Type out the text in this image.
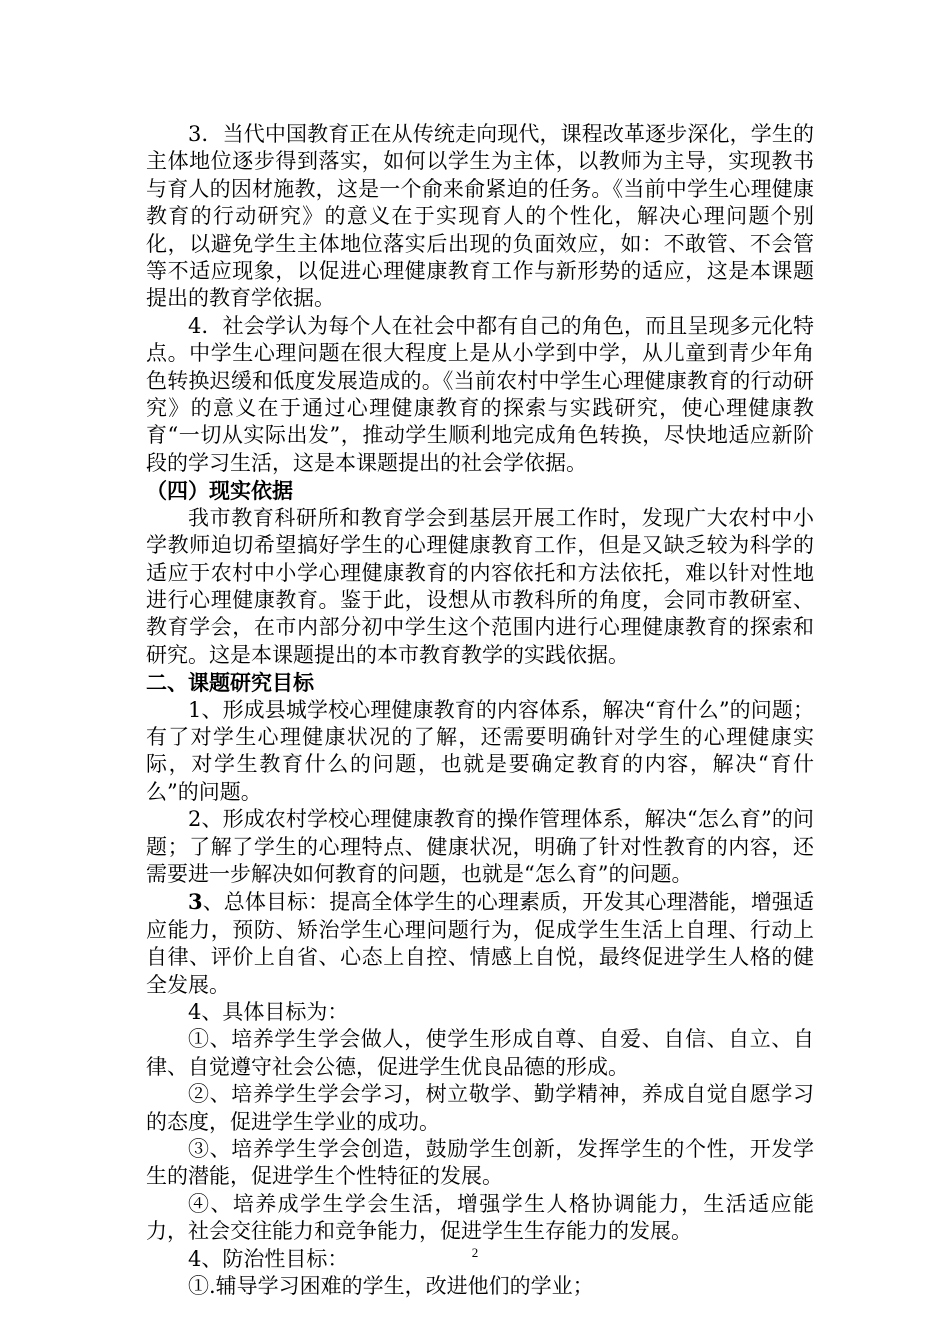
3．当代中国教育正在从传统走向现代，课程改革逐步深化，学生的主体地位逐步得到落实，如何以学生为主体，以教师为主导，实现教书与育人的因材施教，这是一个俞来俞紧迫的任务。《当前中学生心理健康教育的行动研究》的意义在于实现育人的个性化，解决心理问题个别化，以避免学生主体地位落实后出现的负面效应，如：不敢管、不会管等不适应现象，以促进心理健康教育工作与新形势的适应，这是本课题提出的教育学依据。

4．社会学认为每个人在社会中都有自己的角色，而且呈现多元化特点。中学生心理问题在很大程度上是从小学到中学，从儿童到青少年角色转换迟缓和低度发展造成的。《当前农村中学生心理健康教育的行动研究》的意义在于通过心理健康教育的探索与实践研究，使心理健康教育“一切从实际出发”，推动学生顺利地完成角色转换，尽快地适应新阶段的学习生活，这是本课题提出的社会学依据。

（四）现实依据

我市教育科研所和教育学会到基层开展工作时，发现广大农村中小学教师迫切希望搞好学生的心理健康教育工作，但是又缺乏较为科学的适应于农村中小学心理健康教育的内容依托和方法依托，难以针对性地进行心理健康教育。鉴于此，设想从市教科所的角度，会同市教研室、教育学会，在市内部分初中学生这个范围内进行心理健康教育的探索和研究。这是本课题提出的本市教育教学的实践依据。

二、课题研究目标

1、形成县城学校心理健康教育的内容体系，解决“育什么”的问题；有了对学生心理健康状况的了解，还需要明确针对学生的心理健康实际，对学生教育什么的问题，也就是要确定教育的内容，解决“育什么”的问题。

2、形成农村学校心理健康教育的操作管理体系，解决“怎么育”的问题；了解了学生的心理特点、健康状况，明确了针对性教育的内容，还需要进一步解决如何教育的问题，也就是“怎么育”的问题。

3、总体目标：提高全体学生的心理素质，开发其心理潜能，增强适应能力，预防、矫治学生心理问题行为，促成学生生活上自理、行动上自律、评价上自省、心态上自控、情感上自悦，最终促进学生人格的健全发展。

4、具体目标为：

①、培养学生学会做人，使学生形成自尊、自爱、自信、自立、自律、自觉遵守社会公德，促进学生优良品德的形成。

②、培养学生学会学习，树立敬学、勤学精神，养成自觉自愿学习的态度，促进学生学业的成功。

③、培养学生学会创造，鼓励学生创新，发挥学生的个性，开发学生的潜能，促进学生个性特征的发展。

④、培养成学生学会生活，增强学生人格协调能力，生活适应能力，社会交往能力和竞争能力，促进学生生存能力的发展。

4、防治性目标：

①.辅导学习困难的学生，改进他们的学业；

2
